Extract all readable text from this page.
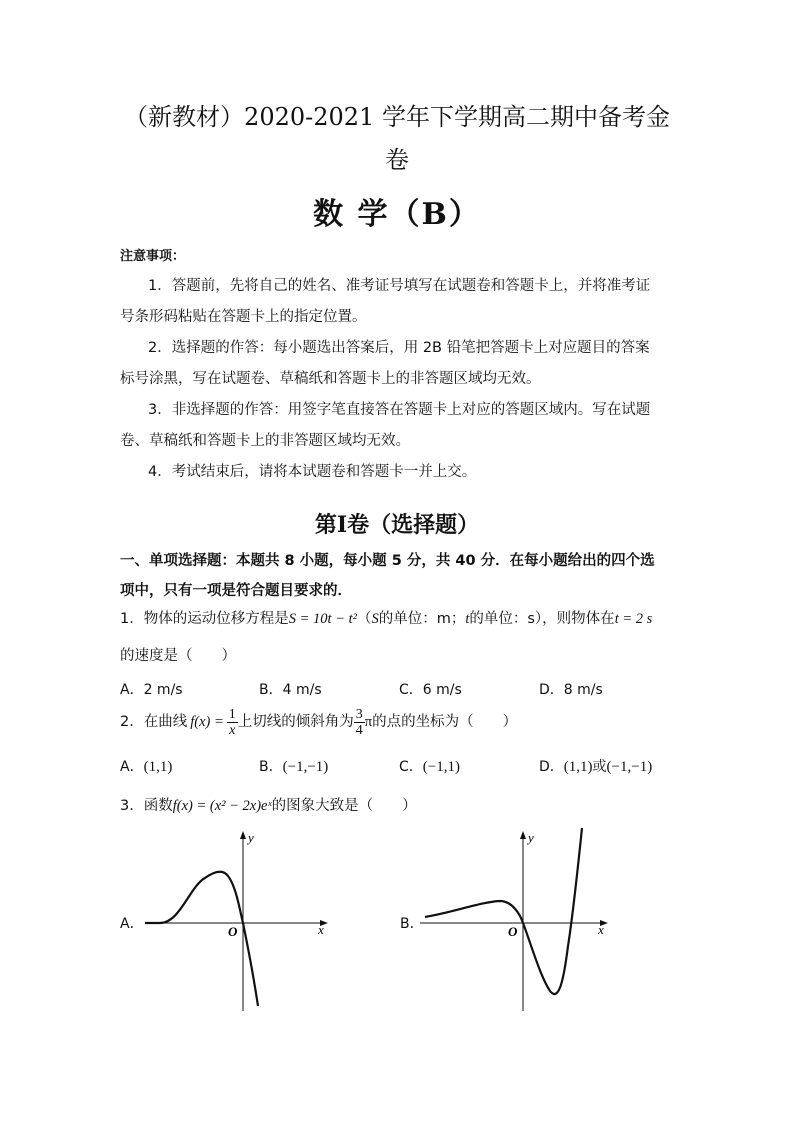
（新教材）2020-2021 学年下学期高二期中备考金
卷
数 学（B）
注意事项：
1．答题前，先将自己的姓名、准考证号填写在试题卷和答题卡上，并将准考证
号条形码粘贴在答题卡上的指定位置。
2．选择题的作答：每小题选出答案后，用 2B 铅笔把答题卡上对应题目的答案
标号涂黑，写在试题卷、草稿纸和答题卡上的非答题区域均无效。
3．非选择题的作答：用签字笔直接答在答题卡上对应的答题区域内。写在试题
卷、草稿纸和答题卡上的非答题区域均无效。
4．考试结束后，请将本试题卷和答题卡一并上交。
第Ⅰ卷（选择题）
一、单项选择题：本题共 8 小题，每小题 5 分，共 40 分．在每小题给出的四个选
项中，只有一项是符合题目要求的．
1．物体的运动位移方程是S = 10t − t²（S的单位：m；t的单位：s），则物体在t = 2 s
的速度是（　　）
A．2 m/s	B．4 m/s	C．6 m/s	D．8 m/s
2．在曲线 $f(x) = \frac{1}{x}$ 上切线的倾斜角为 $\frac{3}{4}$ π 的点的坐标为（　　）
A．(1,1)	B．(−1,−1)	C．(−1,1)	D．(1,1)或(−1,−1)
3．函数f(x) = (x² − 2x)eˣ的图象大致是（　　）
A．
y
x
O	B．
y
x
O
